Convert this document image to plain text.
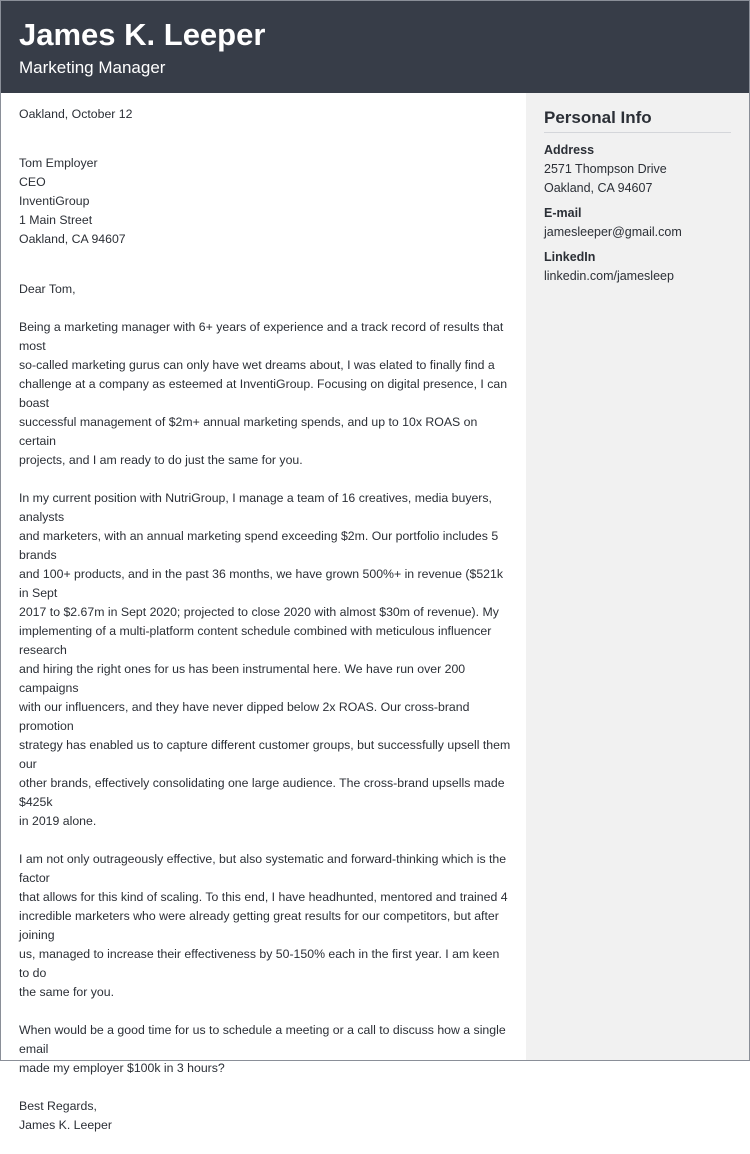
James K. Leeper
Marketing Manager
Oakland, October 12
Tom Employer
CEO
InventiGroup
1 Main Street
Oakland, CA 94607
Dear Tom,
Being a marketing manager with 6+ years of experience and a track record of results that most
so-called marketing gurus can only have wet dreams about, I was elated to finally find a
challenge at a company as esteemed at InventiGroup. Focusing on digital presence, I can boast
successful management of $2m+ annual marketing spends, and up to 10x ROAS on certain
projects, and I am ready to do just the same for you.
In my current position with NutriGroup, I manage a team of 16 creatives, media buyers, analysts
and marketers, with an annual marketing spend exceeding $2m. Our portfolio includes 5 brands
and 100+ products, and in the past 36 months, we have grown 500%+ in revenue ($521k in Sept
2017 to $2.67m in Sept 2020; projected to close 2020 with almost $30m of revenue). My
implementing of a multi-platform content schedule combined with meticulous influencer research
and hiring the right ones for us has been instrumental here. We have run over 200 campaigns
with our influencers, and they have never dipped below 2x ROAS. Our cross-brand promotion
strategy has enabled us to capture different customer groups, but successfully upsell them our
other brands, effectively consolidating one large audience. The cross-brand upsells made $425k
in 2019 alone.
I am not only outrageously effective, but also systematic and forward-thinking which is the factor
that allows for this kind of scaling. To this end, I have headhunted, mentored and trained 4
incredible marketers who were already getting great results for our competitors, but after joining
us, managed to increase their effectiveness by 50-150% each in the first year. I am keen to do
the same for you.
When would be a good time for us to schedule a meeting or a call to discuss how a single email
made my employer $100k in 3 hours?
Best Regards,
James K. Leeper
Personal Info
Address
2571 Thompson Drive
Oakland, CA 94607
E-mail
jamesleeper@gmail.com
LinkedIn
linkedin.com/jamesleep
